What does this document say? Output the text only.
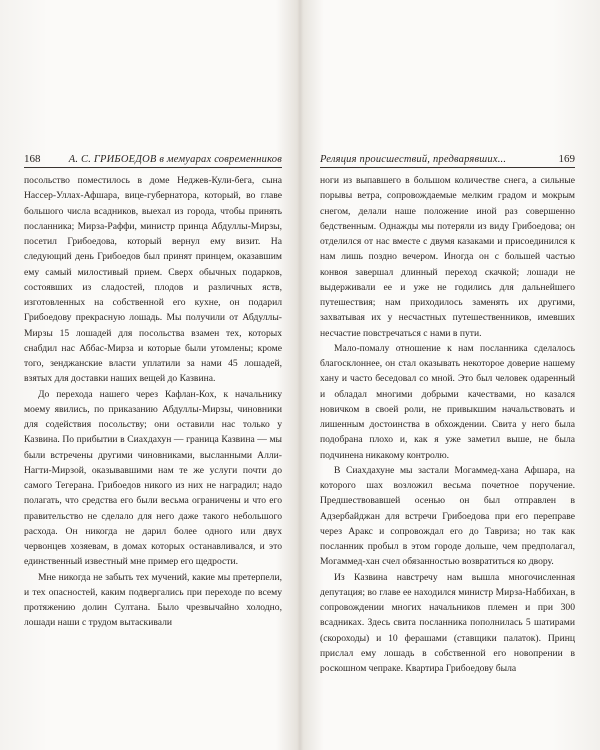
168	А. С. ГРИБОЕДОВ в мемуарах современников

посольство поместилось в доме Неджев-Кули-бега, сына Нассер-Уллах-Афшара, вице-губернатора, который, во главе большого числа всадников, выехал из города, чтобы принять посланника; Мирза-Раффи, министр принца Абдуллы-Мирзы, посетил Грибоедова, который вернул ему визит. На следующий день Грибоедов был принят принцем, оказавшим ему самый милостивый прием. Сверх обычных подарков, состоявших из сладостей, плодов и различных яств, изготовленных на собственной его кухне, он подарил Грибоедову прекрасную лошадь. Мы получили от Абдуллы-Мирзы 15 лошадей для посольства взамен тех, которых снабдил нас Аббас-Мирза и которые были утомлены; кроме того, зенджанские власти уплатили за нами 45 лошадей, взятых для доставки наших вещей до Казвина.

До перехода нашего через Кафлан-Кох, к начальнику моему явились, по приказанию Абдуллы-Мирзы, чиновники для содействия посольству; они оставили нас только у Казвина. По прибытии в Сиахдахун — граница Казвина — мы были встречены другими чиновниками, высланными Алли-Нагти-Мирзой, оказывавшими нам те же услуги почти до самого Тегерана. Грибоедов никого из них не наградил; надо полагать, что средства его были весьма ограничены и что его правительство не сделало для него даже такого небольшого расхода. Он никогда не дарил более одного или двух червонцев хозяевам, в домах которых останавливался, и это единственный известный мне пример его щедрости.

Мне никогда не забыть тех мучений, какие мы претерпели, и тех опасностей, каким подвергались при переходе по всему протяжению долин Султана. Было чрезвычайно холодно, лошади наши с трудом вытаскивали

Реляция происшествий, предварявших...	169

ноги из выпавшего в большом количестве снега, а сильные порывы ветра, сопровождаемые мелким градом и мокрым снегом, делали наше положение иной раз совершенно бедственным. Однажды мы потеряли из виду Грибоедова; он отделился от нас вместе с двумя казаками и присоединился к нам лишь поздно вечером. Иногда он с большей частью конвоя завершал длинный переход скачкой; лошади не выдерживали ее и уже не годились для дальнейшего путешествия; нам приходилось заменять их другими, захватывая их у несчастных путешественников, имевших несчастие повстречаться с нами в пути.

Мало-помалу отношение к нам посланника сделалось благосклоннее, он стал оказывать некоторое доверие нашему хану и часто беседовал со мной. Это был человек одаренный и обладал многими добрыми качествами, но казался новичком в своей роли, не привыкшим начальствовать и лишенным достоинства в обхождении. Свита у него была подобрана плохо и, как я уже заметил выше, не была подчинена никакому контролю.

В Сиахдахуне мы застали Могаммед-хана Афшара, на которого шах возложил весьма почетное поручение. Предшествовавшей осенью он был отправлен в Адзербайджан для встречи Грибоедова при его переправе через Аракс и сопровождал его до Тавриза; но так как посланник пробыл в этом городе дольше, чем предполагал, Могаммед-хан счел обязанностью возвратиться ко двору.

Из Казвина навстречу нам вышла многочисленная депутация; во главе ее находился министр Мирза-Наббихан, в сопровождении многих начальников племен и при 300 всадниках. Здесь свита посланника пополнилась 5 шатирами (скороходы) и 10 ферашами (ставщики палаток). Принц прислал ему лошадь в собственной его новопрении в роскошном чепраке. Квартира Грибоедову была
